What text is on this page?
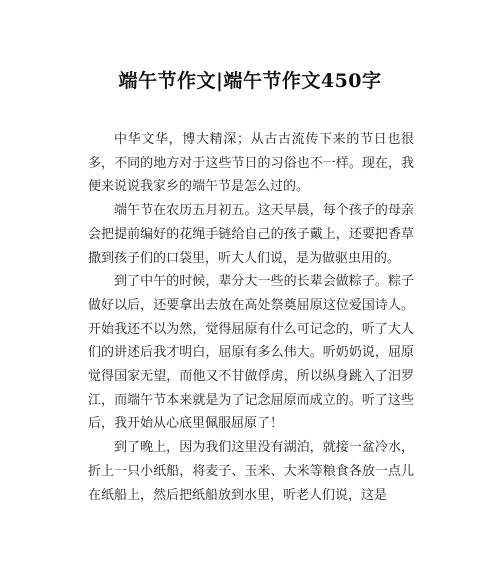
端午节作文|端午节作文450字

中华文华，博大精深；从古古流传下来的节日也很多，不同的地方对于这些节日的习俗也不一样。现在，我便来说说我家乡的端午节是怎么过的。

端午节在农历五月初五。这天早晨，每个孩子的母亲会把提前编好的花绳手链给自己的孩子戴上，还要把香草撒到孩子们的口袋里，听大人们说，是为做驱虫用的。

到了中午的时候，辈分大一些的长辈会做粽子。粽子做好以后，还要拿出去放在高处祭奠屈原这位爱国诗人。开始我还不以为然，觉得屈原有什么可记念的，听了大人们的讲述后我才明白，屈原有多么伟大。听奶奶说，屈原觉得国家无望，而他又不甘做俘虏，所以纵身跳入了汨罗江，而端午节本来就是为了记念屈原而成立的。听了这些后，我开始从心底里佩服屈原了！

到了晚上，因为我们这里没有湖泊，就接一盆冷水，折上一只小纸船，将麦子、玉米、大米等粮食各放一点儿在纸船上，然后把纸船放到水里，听老人们说，这是
